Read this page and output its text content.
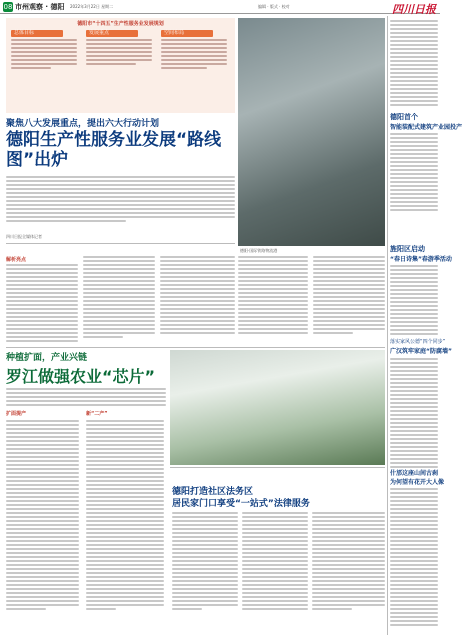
08 市州观察 · 德阳 2022年3月22日 星期二	编辑 · 版式 · 校对	四川日报
德阳市“十四五”生产性服务业发展规划
总体目标	发展重点	空间布局
德阳·国际铁路物流港
聚焦八大发展重点，提出六大行动计划
德阳生产性服务业发展“路线图”出炉
四川日报全媒体记者
解析亮点
种植扩面，产业兴链
罗江做强农业“芯片”
扩面提产	新“二产”
德阳打造社区法务区
居民家门口享受“一站式”法律服务
德阳首个
智能装配式建筑产业园投产
旌阳区启动
“春日诗集”春游季活动
落实家风公德“四个同步”
广汉筑牢家庭“防腐墙”
什邡这座山间古刹
为何望有花开大人像
